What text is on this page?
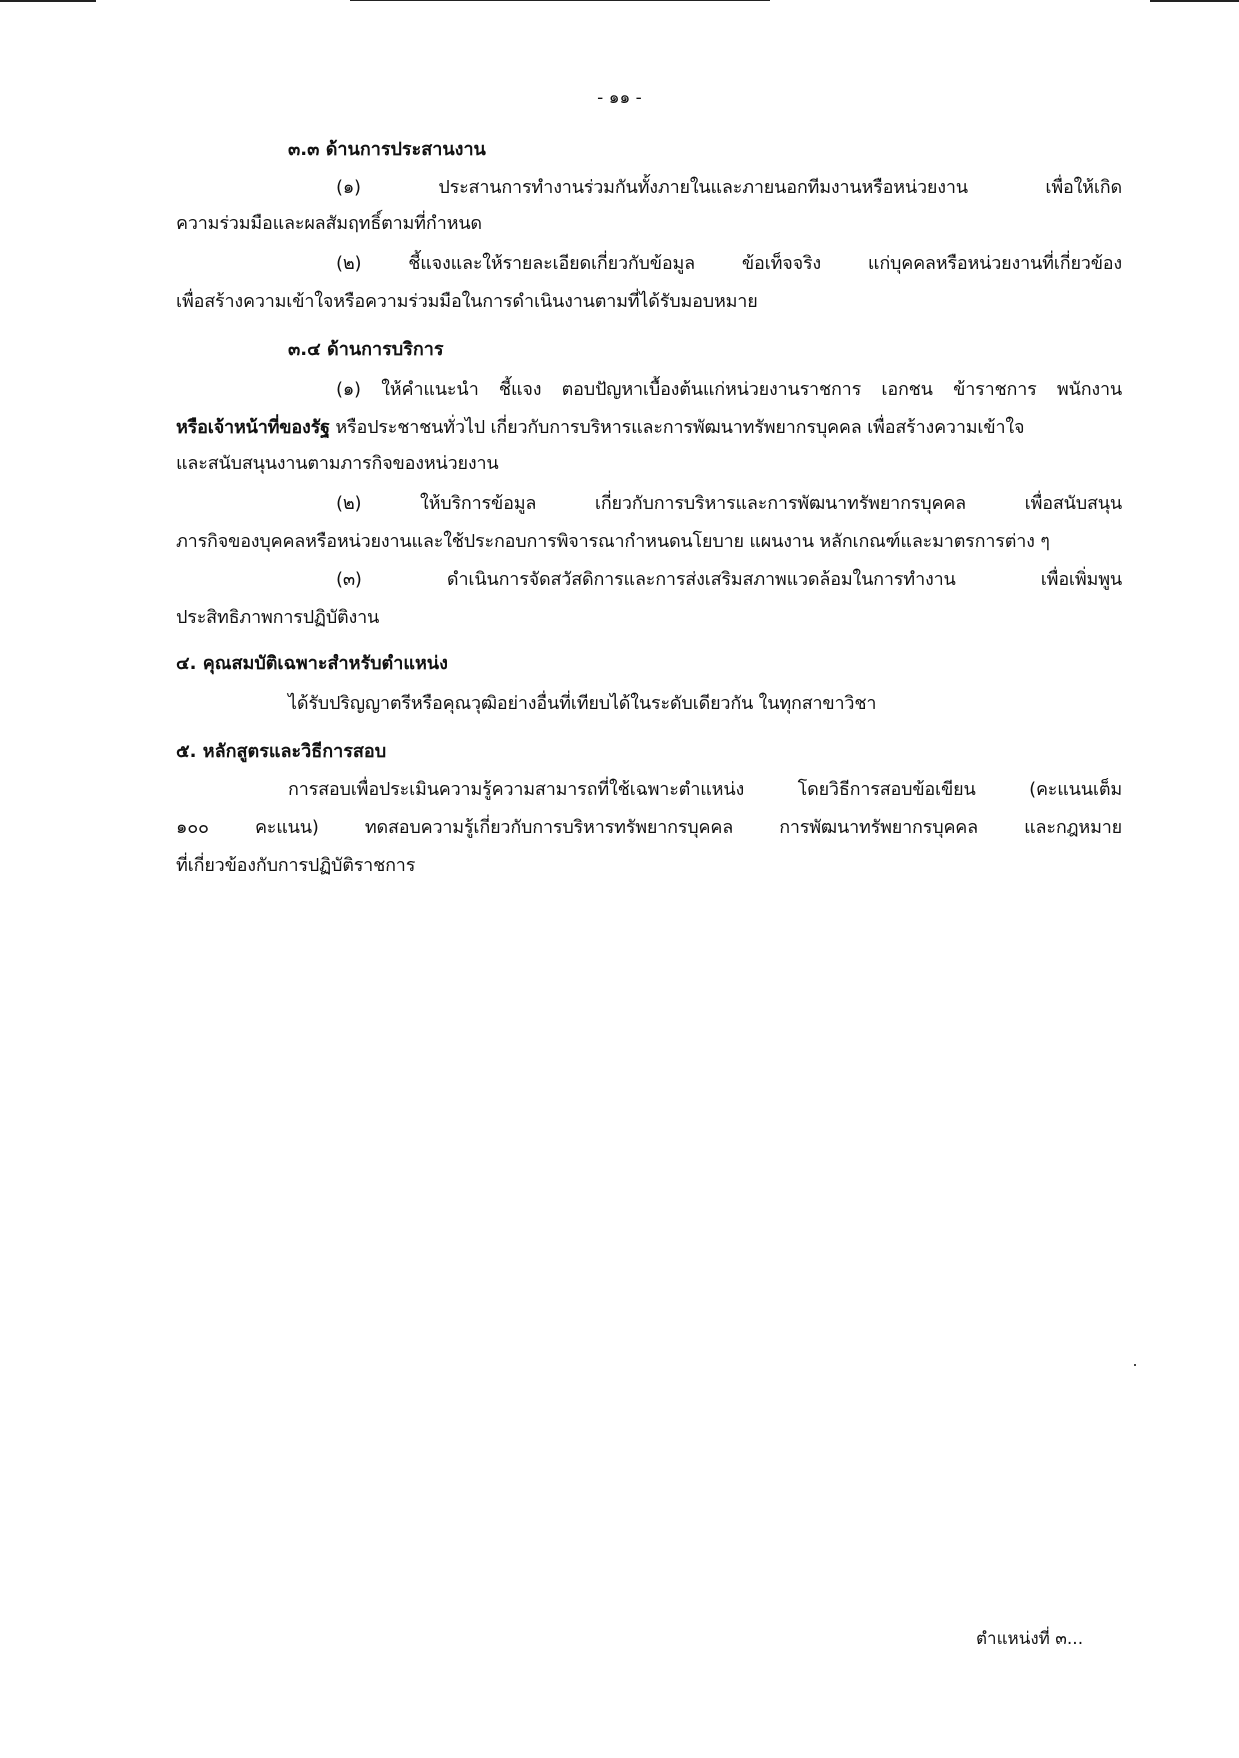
- ๑๑ -
๓.๓ ด้านการประสานงาน
(๑) ประสานการทำงานร่วมกันทั้งภายในและภายนอกทีมงานหรือหน่วยงาน เพื่อให้เกิด
ความร่วมมือและผลสัมฤทธิ์ตามที่กำหนด
(๒) ชี้แจงและให้รายละเอียดเกี่ยวกับข้อมูล ข้อเท็จจริง แก่บุคคลหรือหน่วยงานที่เกี่ยวข้อง
เพื่อสร้างความเข้าใจหรือความร่วมมือในการดำเนินงานตามที่ได้รับมอบหมาย
๓.๔ ด้านการบริการ
(๑) ให้คำแนะนำ ชี้แจง ตอบปัญหาเบื้องต้นแก่หน่วยงานราชการ เอกชน ข้าราชการ พนักงาน
หรือเจ้าหน้าที่ของรัฐ หรือประชาชนทั่วไป เกี่ยวกับการบริหารและการพัฒนาทรัพยากรบุคคล เพื่อสร้างความเข้าใจ
และสนับสนุนงานตามภารกิจของหน่วยงาน
(๒) ให้บริการข้อมูล เกี่ยวกับการบริหารและการพัฒนาทรัพยากรบุคคล เพื่อสนับสนุน
ภารกิจของบุคคลหรือหน่วยงานและใช้ประกอบการพิจารณากำหนดนโยบาย แผนงาน หลักเกณฑ์และมาตรการต่าง ๆ
(๓) ดำเนินการจัดสวัสดิการและการส่งเสริมสภาพแวดล้อมในการทำงาน เพื่อเพิ่มพูน
ประสิทธิภาพการปฏิบัติงาน
๔. คุณสมบัติเฉพาะสำหรับตำแหน่ง
ได้รับปริญญาตรีหรือคุณวุฒิอย่างอื่นที่เทียบได้ในระดับเดียวกัน ในทุกสาขาวิชา
๕. หลักสูตรและวิธีการสอบ
การสอบเพื่อประเมินความรู้ความสามารถที่ใช้เฉพาะตำแหน่ง โดยวิธีการสอบข้อเขียน (คะแนนเต็ม
๑๐๐ คะแนน) ทดสอบความรู้เกี่ยวกับการบริหารทรัพยากรบุคคล การพัฒนาทรัพยากรบุคคล และกฎหมาย
ที่เกี่ยวข้องกับการปฏิบัติราชการ
ตำแหน่งที่ ๓...
